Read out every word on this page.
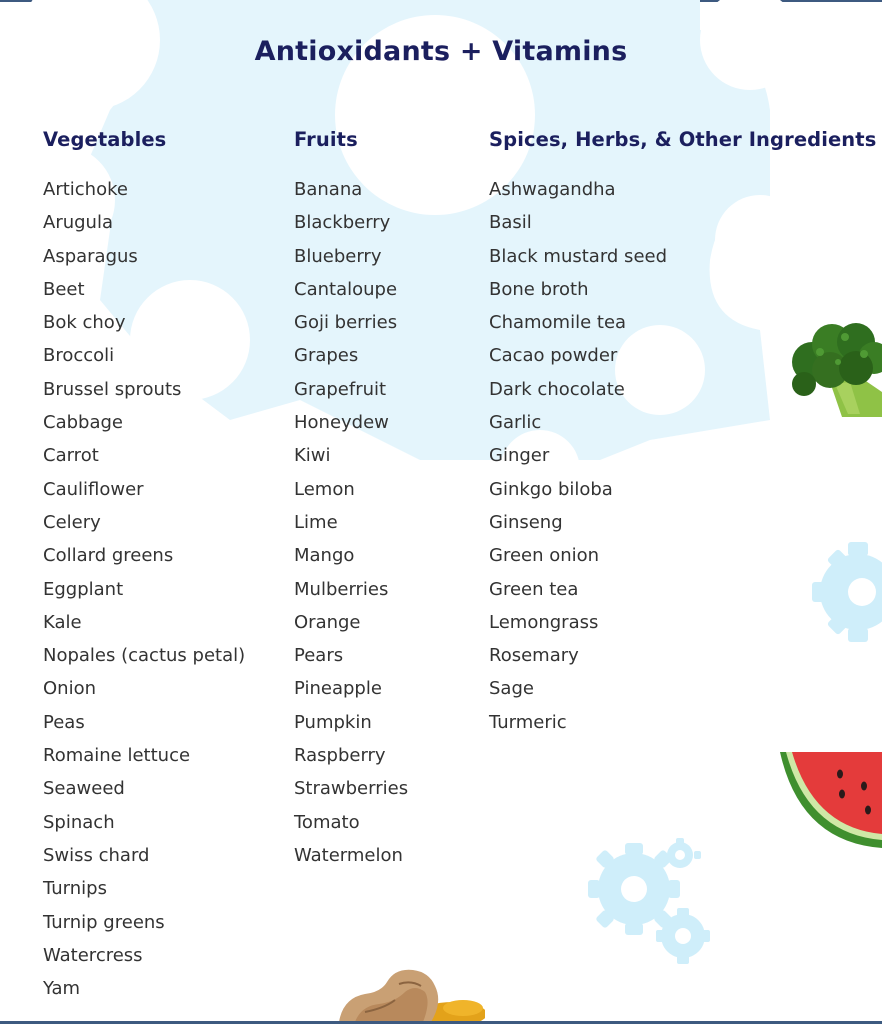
Antioxidants + Vitamins
Vegetables
Artichoke
Arugula
Asparagus
Beet
Bok choy
Broccoli
Brussel sprouts
Cabbage
Carrot
Cauliflower
Celery
Collard greens
Eggplant
Kale
Nopales (cactus petal)
Onion
Peas
Romaine lettuce
Seaweed
Spinach
Swiss chard
Turnips
Turnip greens
Watercress
Yam
Fruits
Banana
Blackberry
Blueberry
Cantaloupe
Goji berries
Grapes
Grapefruit
Honeydew
Kiwi
Lemon
Lime
Mango
Mulberries
Orange
Pears
Pineapple
Pumpkin
Raspberry
Strawberries
Tomato
Watermelon
Spices, Herbs, & Other Ingredients
Ashwagandha
Basil
Black mustard seed
Bone broth
Chamomile tea
Cacao powder
Dark chocolate
Garlic
Ginger
Ginkgo biloba
Ginseng
Green onion
Green tea
Lemongrass
Rosemary
Sage
Turmeric
